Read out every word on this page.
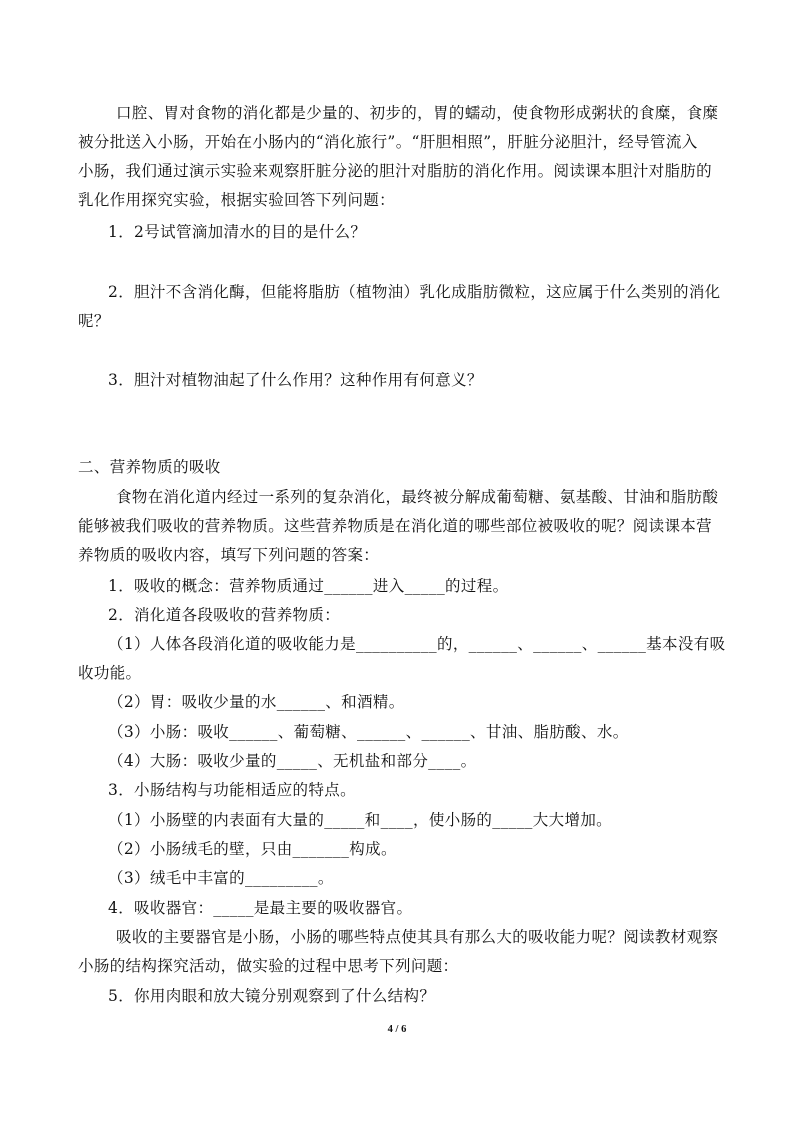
口腔、胃对食物的消化都是少量的、初步的，胃的蠕动，使食物形成粥状的食糜，食糜
被分批送入小肠，开始在小肠内的“消化旅行”。“肝胆相照”，肝脏分泌胆汁，经导管流入
小肠，我们通过演示实验来观察肝脏分泌的胆汁对脂肪的消化作用。阅读课本胆汁对脂肪的
乳化作用探究实验，根据实验回答下列问题：
1．2号试管滴加清水的目的是什么？
2．胆汁不含消化酶，但能将脂肪（植物油）乳化成脂肪微粒，这应属于什么类别的消化
呢？
3．胆汁对植物油起了什么作用？这种作用有何意义？
二、营养物质的吸收
食物在消化道内经过一系列的复杂消化，最终被分解成葡萄糖、氨基酸、甘油和脂肪酸
能够被我们吸收的营养物质。这些营养物质是在消化道的哪些部位被吸收的呢？阅读课本营
养物质的吸收内容，填写下列问题的答案：
1．吸收的概念：营养物质通过______进入_____的过程。
2．消化道各段吸收的营养物质：
（1）人体各段消化道的吸收能力是__________的，______、______、______基本没有吸
收功能。
（2）胃：吸收少量的水______、和酒精。
（3）小肠：吸收______、葡萄糖、______、______、甘油、脂肪酸、水。
（4）大肠：吸收少量的_____、无机盐和部分____。
3．小肠结构与功能相适应的特点。
（1）小肠壁的内表面有大量的_____和____，使小肠的_____大大增加。
（2）小肠绒毛的壁，只由_______构成。
（3）绒毛中丰富的_________。
4．吸收器官：_____是最主要的吸收器官。
吸收的主要器官是小肠，小肠的哪些特点使其具有那么大的吸收能力呢？阅读教材观察
小肠的结构探究活动，做实验的过程中思考下列问题：
5．你用肉眼和放大镜分别观察到了什么结构？
4 / 6
